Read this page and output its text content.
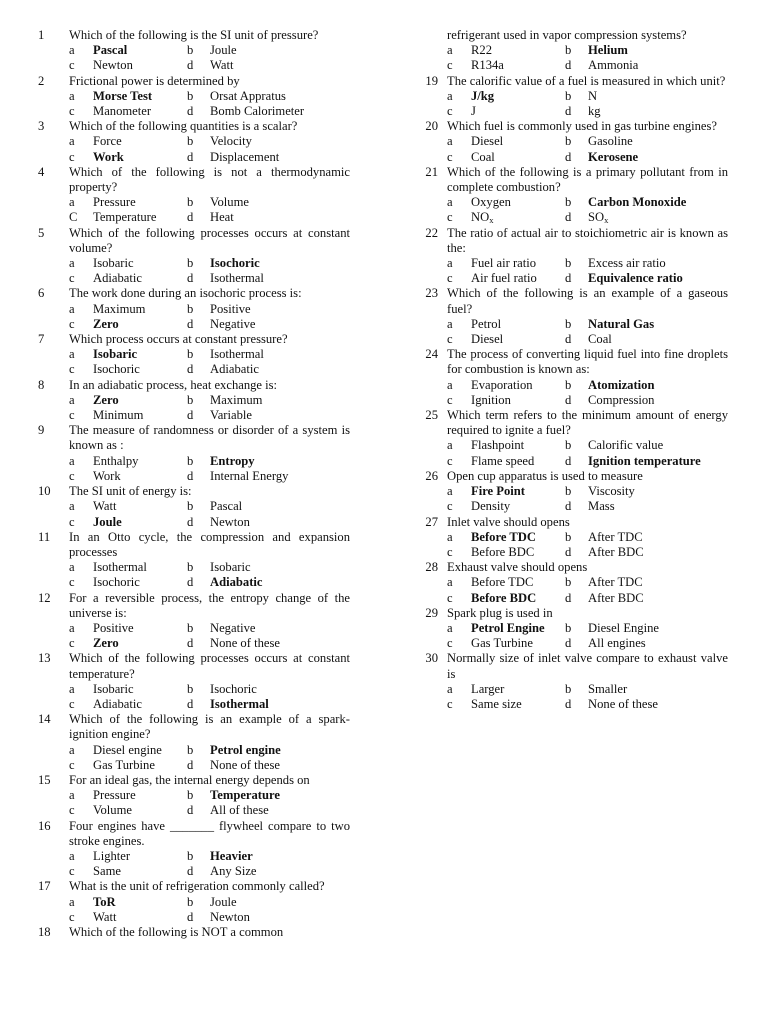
1	Which of the following is the SI unit of pressure?
a	Pascal	b	Joule
c	Newton	d	Watt
2	Frictional power is determined by
a	Morse Test	b	Orsat Appratus
c	Manometer	d	Bomb Calorimeter
3	Which of the following quantities is a scalar?
a	Force	b	Velocity
c	Work	d	Displacement
4	Which of the following is not a thermodynamic property?
a	Pressure	b	Volume
C	Temperature	d	Heat
5	Which of the following processes occurs at constant volume?
a	Isobaric	b	Isochoric
c	Adiabatic	d	Isothermal
6	The work done during an isochoric process is:
a	Maximum	b	Positive
c	Zero	d	Negative
7	Which process occurs at constant pressure?
a	Isobaric	b	Isothermal
c	Isochoric	d	Adiabatic
8	In an adiabatic process, heat exchange is:
a	Zero	b	Maximum
c	Minimum	d	Variable
9	The measure of randomness or disorder of a system is known as :
a	Enthalpy	b	Entropy
c	Work	d	Internal Energy
10	The SI unit of energy is:
a	Watt	b	Pascal
c	Joule	d	Newton
11	In an Otto cycle, the compression and expansion processes
a	Isothermal	b	Isobaric
c	Isochoric	d	Adiabatic
12	For a reversible process, the entropy change of the universe is:
a	Positive	b	Negative
c	Zero	d	None of these
13	Which of the following processes occurs at constant temperature?
a	Isobaric	b	Isochoric
c	Adiabatic	d	Isothermal
14	Which of the following is an example of a spark-ignition engine?
a	Diesel engine	b	Petrol engine
c	Gas Turbine	d	None of these
15	For an ideal gas, the internal energy depends on
a	Pressure	b	Temperature
c	Volume	d	All of these
16	Four engines have _______ flywheel compare to two stroke engines.
a	Lighter	b	Heavier
c	Same	d	Any Size
17	What is the unit of refrigeration commonly called?
a	ToR	b	Joule
c	Watt	d	Newton
18	Which of the following is NOT a common
refrigerant used in vapor compression systems?
a	R22	b	Helium
c	R134a	d	Ammonia
19 The calorific value of a fuel is measured in which unit?
a	J/kg	b	N
c	J	d	kg
20 Which fuel is commonly used in gas turbine engines?
a	Diesel	b	Gasoline
c	Coal	d	Kerosene
21 Which of the following is a primary pollutant from in complete combustion?
a	Oxygen	b	Carbon Monoxide
c	$NO_x$	d	$SO_x$
22 The ratio of actual air to stoichiometric air is known as the:
a	Fuel air ratio	b	Excess air ratio
c	Air fuel ratio	d	Equivalence ratio
23 Which of the following is an example of a gaseous fuel?
a	Petrol	b	Natural Gas
c	Diesel	d	Coal
24 The process of converting liquid fuel into fine droplets for combustion is known as:
a	Evaporation	b	Atomization
c	Ignition	d	Compression
25 Which term refers to the minimum amount of energy required to ignite a fuel?
a	Flashpoint	b	Calorific value
c	Flame speed	d	Ignition temperature
26 Open cup apparatus is used to measure
a	Fire Point	b	Viscosity
c	Density	d	Mass
27 Inlet valve should opens
a	Before TDC	b	After TDC
c	Before BDC	d	After BDC
28 Exhaust valve should opens
a	Before TDC	b	After TDC
c	Before BDC	d	After BDC
29 Spark plug is used in
a	Petrol Engine	b	Diesel Engine
c	Gas Turbine	d	All engines
30 Normally size of inlet valve compare to exhaust valve is
a	Larger	b	Smaller
c	Same size	d	None of these
